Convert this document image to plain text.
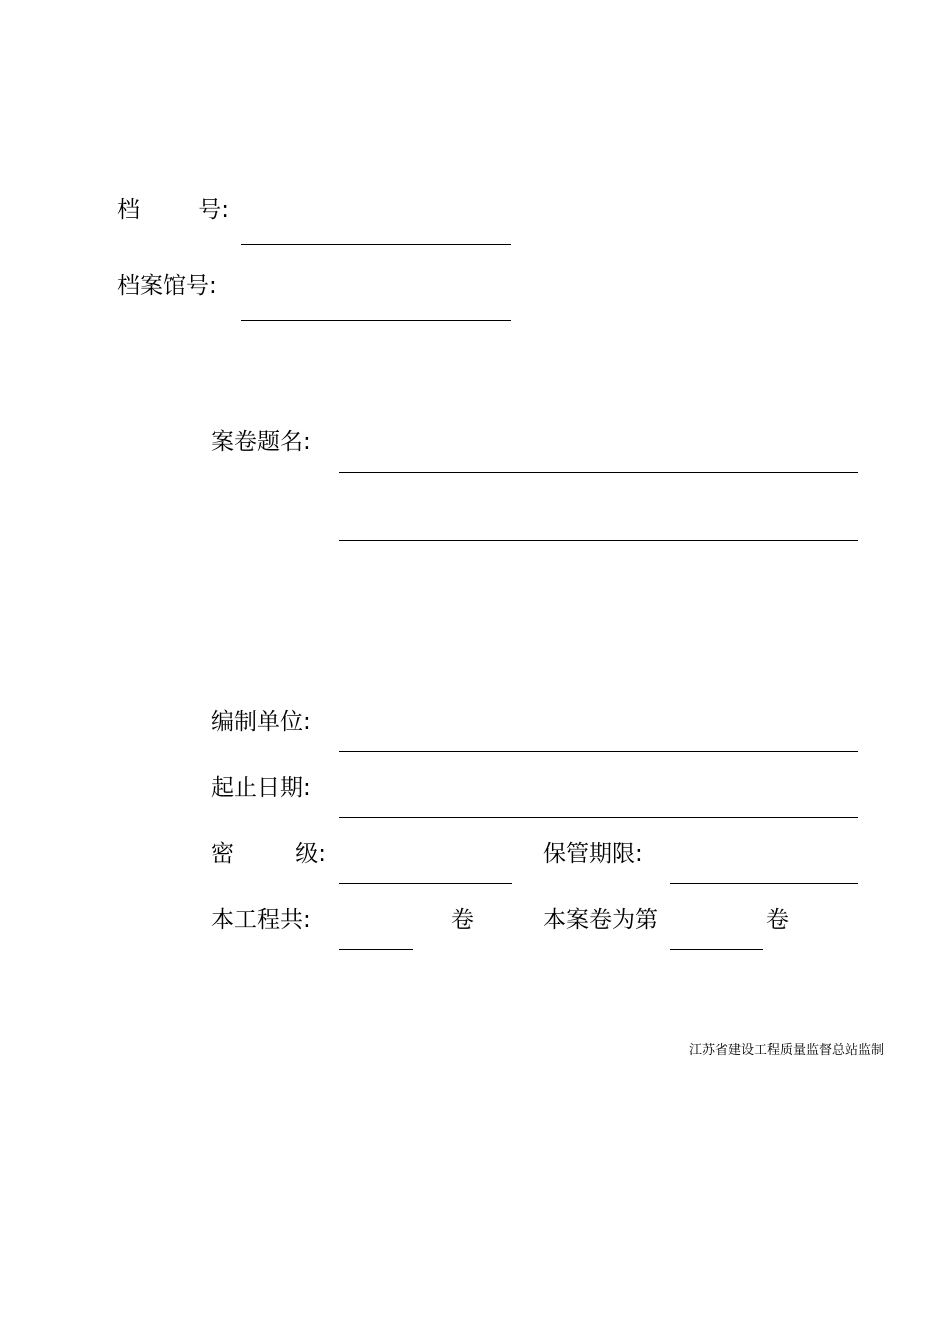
档	号:
档案馆号:
案卷题名:
编制单位:
起止日期:
密	级:	保管期限:
本工程共:	卷	本案卷为第	卷
江苏省建设工程质量监督总站监制
